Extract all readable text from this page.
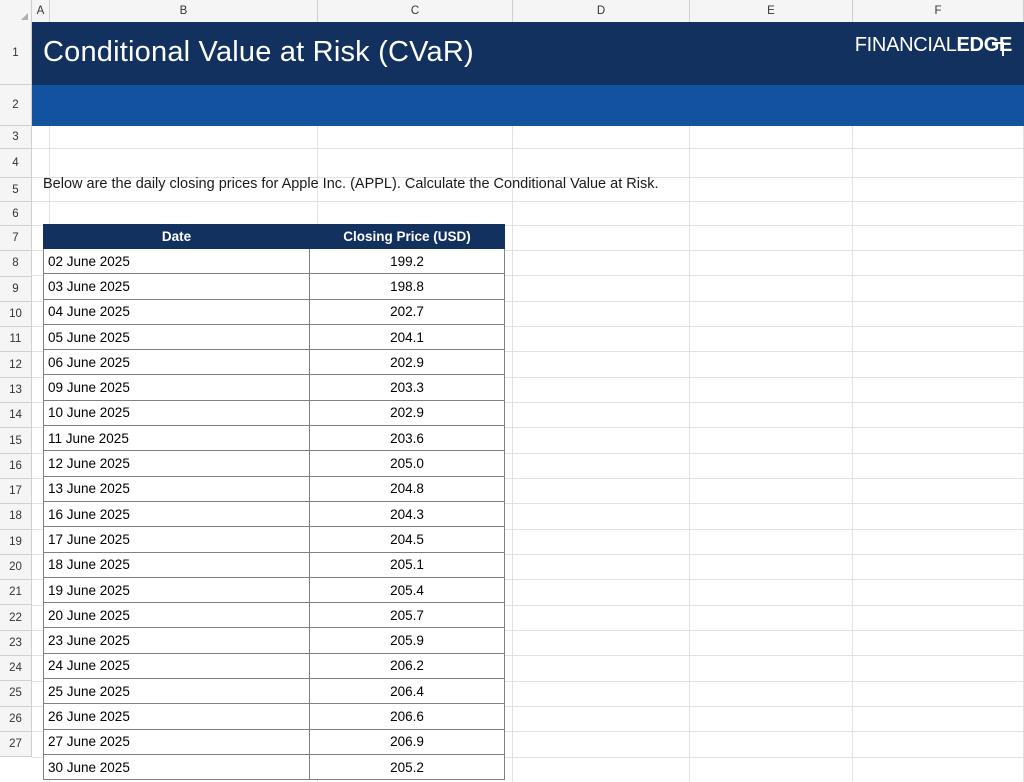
A	B	C	D	E	F
1
2
3
4
5
6
7
8
9
10
11
12
13
14
15
16
17
18
19
20
21
22
23
24
25
26
27
Conditional Value at Risk (CVaR)	FINANCIALEDGE
Below are the daily closing prices for Apple Inc. (APPL). Calculate the Conditional Value at Risk.
Date	Closing Price (USD)
02 June 2025	199.2
03 June 2025	198.8
04 June 2025	202.7
05 June 2025	204.1
06 June 2025	202.9
09 June 2025	203.3
10 June 2025	202.9
11 June 2025	203.6
12 June 2025	205.0
13 June 2025	204.8
16 June 2025	204.3
17 June 2025	204.5
18 June 2025	205.1
19 June 2025	205.4
20 June 2025	205.7
23 June 2025	205.9
24 June 2025	206.2
25 June 2025	206.4
26 June 2025	206.6
27 June 2025	206.9
30 June 2025	205.2
